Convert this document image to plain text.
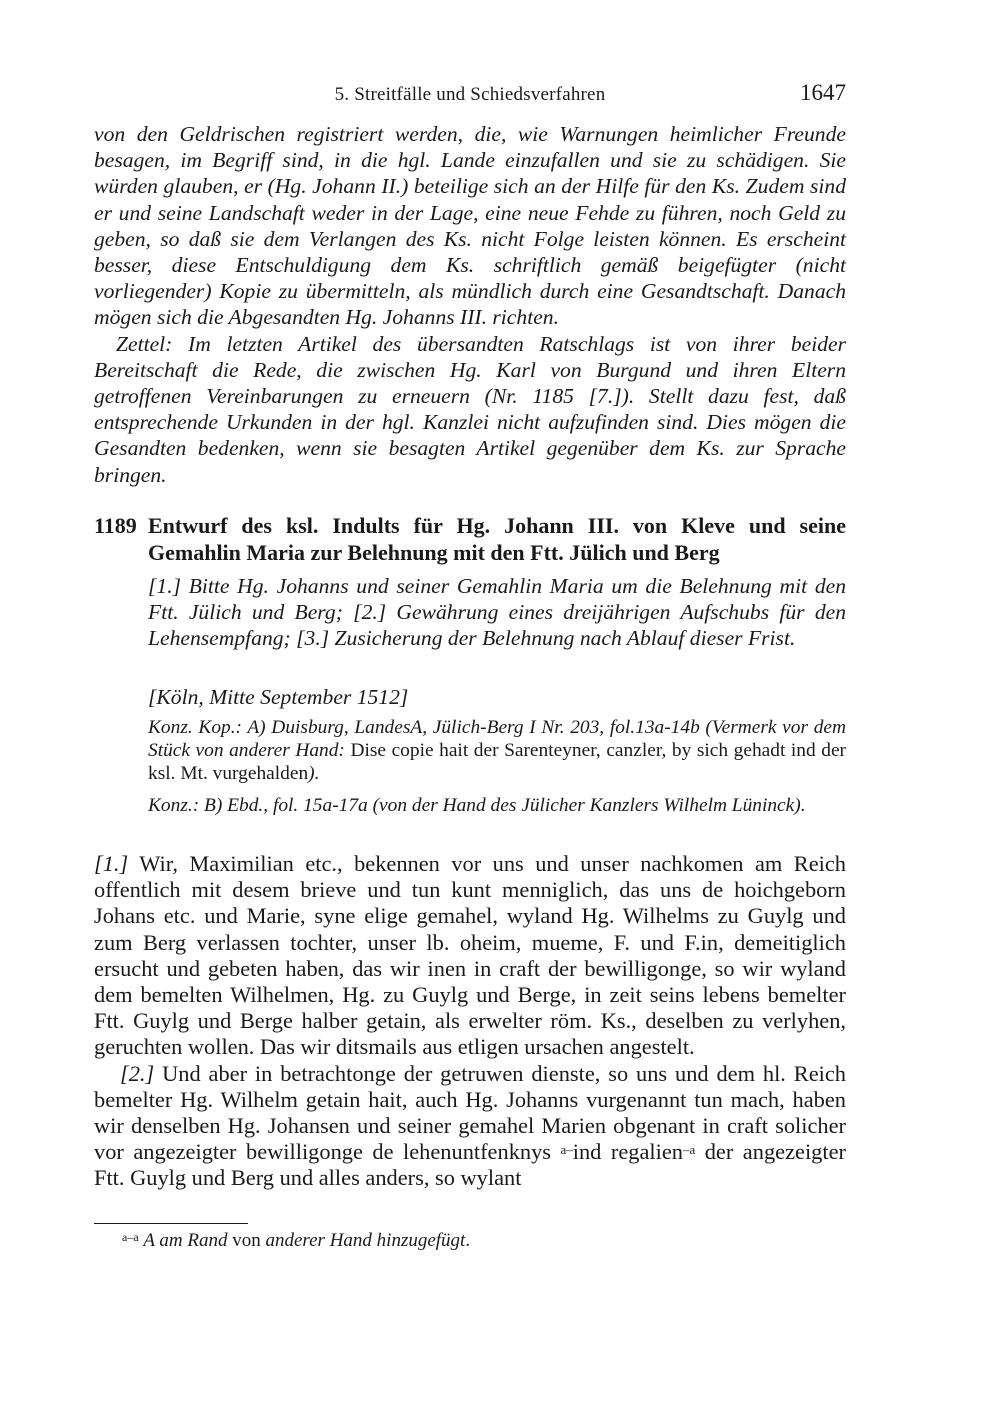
5. Streitfälle und Schiedsverfahren	1647

von den Geldrischen registriert werden, die, wie Warnungen heimlicher Freunde besagen, im Begriff sind, in die hgl. Lande einzufallen und sie zu schädigen. Sie würden glauben, er (Hg. Johann II.) beteilige sich an der Hilfe für den Ks. Zudem sind er und seine Landschaft weder in der Lage, eine neue Fehde zu führen, noch Geld zu geben, so daß sie dem Verlangen des Ks. nicht Folge leisten können. Es erscheint besser, diese Entschuldigung dem Ks. schriftlich gemäß beigefügter (nicht vorliegender) Kopie zu übermitteln, als mündlich durch eine Gesandtschaft. Danach mögen sich die Abgesandten Hg. Johanns III. richten.

Zettel: Im letzten Artikel des übersandten Ratschlags ist von ihrer beider Bereitschaft die Rede, die zwischen Hg. Karl von Burgund und ihren Eltern getroffenen Vereinbarungen zu erneuern (Nr. 1185 [7.]). Stellt dazu fest, daß entsprechende Urkunden in der hgl. Kanzlei nicht aufzufinden sind. Dies mögen die Gesandten bedenken, wenn sie besagten Artikel gegenüber dem Ks. zur Sprache bringen.

1189 Entwurf des ksl. Indults für Hg. Johann III. von Kleve und seine Gemahlin Maria zur Belehnung mit den Ftt. Jülich und Berg

[1.] Bitte Hg. Johanns und seiner Gemahlin Maria um die Belehnung mit den Ftt. Jülich und Berg; [2.] Gewährung eines dreijährigen Aufschubs für den Lehensempfang; [3.] Zusicherung der Belehnung nach Ablauf dieser Frist.

[Köln, Mitte September 1512]

Konz. Kop.: A) Duisburg, LandesA, Jülich-Berg I Nr. 203, fol.13a-14b (Vermerk vor dem Stück von anderer Hand: Dise copie hait der Sarenteyner, canzler, by sich gehadt ind der ksl. Mt. vurgehalden).

Konz.: B) Ebd., fol. 15a-17a (von der Hand des Jülicher Kanzlers Wilhelm Lüninck).

[1.] Wir, Maximilian etc., bekennen vor uns und unser nachkomen am Reich offentlich mit desem brieve und tun kunt menniglich, das uns de hoichgeborn Johans etc. und Marie, syne elige gemahel, wyland Hg. Wilhelms zu Guylg und zum Berg verlassen tochter, unser lb. oheim, mueme, F. und F.in, demeitiglich ersucht und gebeten haben, das wir inen in craft der bewilligonge, so wir wyland dem bemelten Wilhelmen, Hg. zu Guylg und Berge, in zeit seins lebens bemelter Ftt. Guylg und Berge halber getain, als erwelter röm. Ks., deselben zu verlyhen, geruchten wollen. Das wir ditsmails aus etligen ursachen angestelt.

[2.] Und aber in betrachtonge der getruwen dienste, so uns und dem hl. Reich bemelter Hg. Wilhelm getain hait, auch Hg. Johanns vurgenannt tun mach, haben wir denselben Hg. Johansen und seiner gemahel Marien obgenant in craft solicher vor angezeigter bewilligonge de lehenuntfenknys $^{a-}$ind regalien$^{-a}$ der angezeigter Ftt. Guylg und Berg und alles anders, so wylant

$^{a-a}$ A am Rand von anderer Hand hinzugefügt.
